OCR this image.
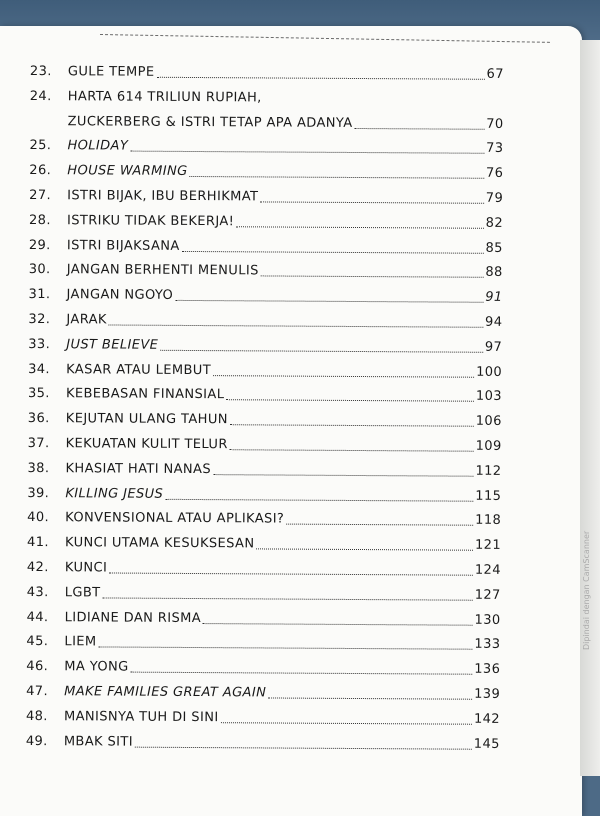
23.	GULE TEMPE	67
24.	HARTA 614 TRILIUN RUPIAH,
ZUCKERBERG & ISTRI TETAP APA ADANYA	70
25.	HOLIDAY	73
26.	HOUSE WARMING	76
27.	ISTRI BIJAK, IBU BERHIKMAT	79
28.	ISTRIKU TIDAK BEKERJA!	82
29.	ISTRI BIJAKSANA	85
30.	JANGAN BERHENTI MENULIS	88
31.	JANGAN NGOYO	91
32.	JARAK	94
33.	JUST BELIEVE	97
34.	KASAR ATAU LEMBUT	100
35.	KEBEBASAN FINANSIAL	103
36.	KEJUTAN ULANG TAHUN	106
37.	KEKUATAN KULIT TELUR	109
38.	KHASIAT HATI NANAS	112
39.	KILLING JESUS	115
40.	KONVENSIONAL ATAU APLIKASI?	118
41.	KUNCI UTAMA KESUKSESAN	121
42.	KUNCI	124
43.	LGBT	127
44.	LIDIANE DAN RISMA	130
45.	LIEM	133
46.	MA YONG	136
47.	MAKE FAMILIES GREAT AGAIN	139
48.	MANISNYA TUH DI SINI	142
49.	MBAK SITI	145
Dipindai dengan CamScanner
